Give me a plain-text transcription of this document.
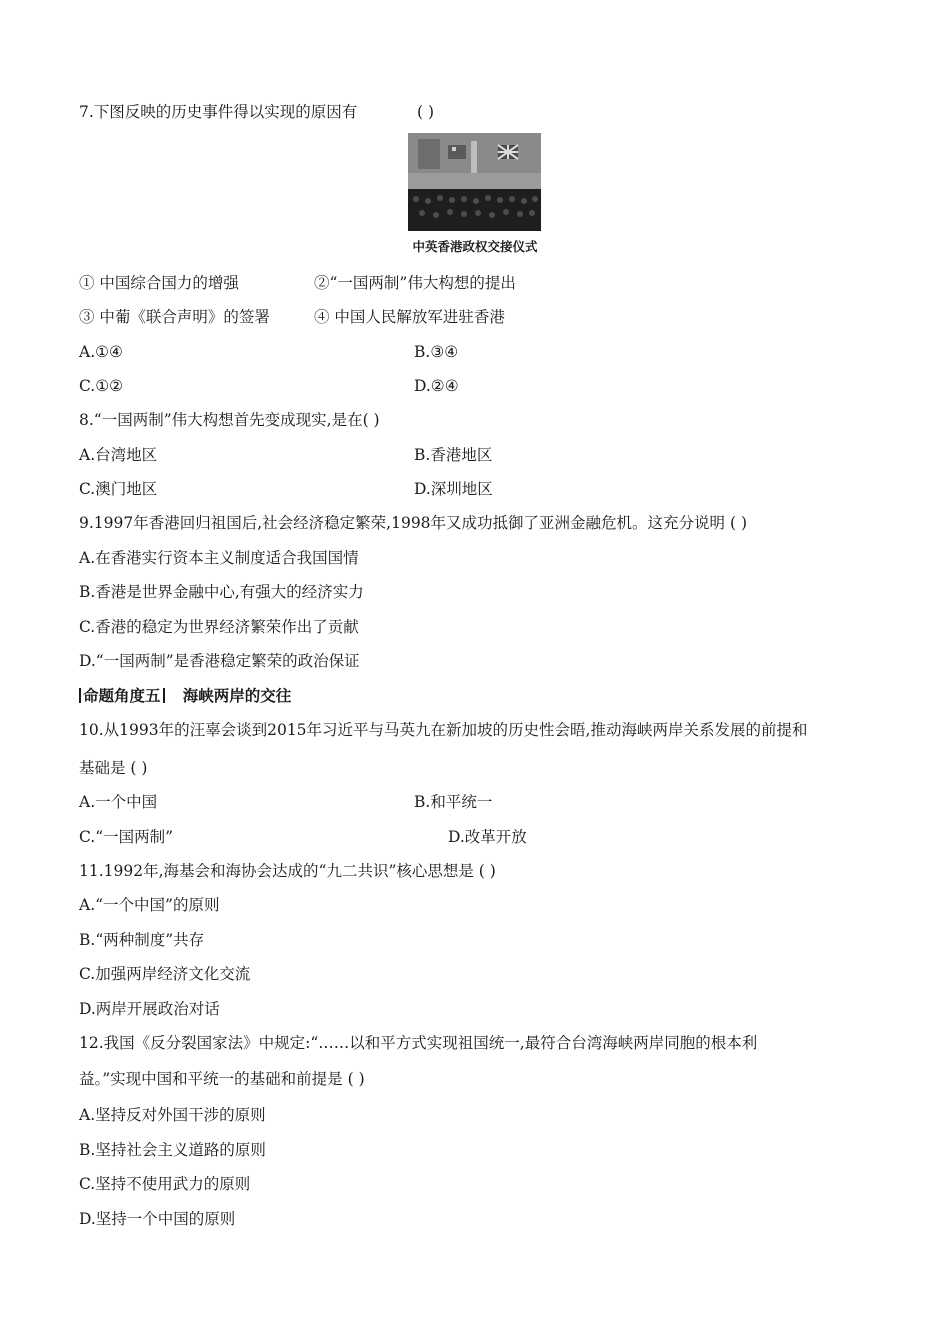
7.下图反映的历史事件得以实现的原因有	( )
中英香港政权交接仪式
① 中国综合国力的增强	②“一国两制”伟大构想的提出
③ 中葡《联合声明》的签署	④ 中国人民解放军进驻香港
A.①④	B.③④
C.①②	D.②④
8.“一国两制”伟大构想首先变成现实,是在( )
A.台湾地区	B.香港地区
C.澳门地区	D.深圳地区
9.1997年香港回归祖国后,社会经济稳定繁荣,1998年又成功抵御了亚洲金融危机。这充分说明 ( )
A.在香港实行资本主义制度适合我国国情
B.香港是世界金融中心,有强大的经济实力
C.香港的稳定为世界经济繁荣作出了贡献
D.“一国两制”是香港稳定繁荣的政治保证
命题角度五 海峡两岸的交往
10.从1993年的汪辜会谈到2015年习近平与马英九在新加坡的历史性会晤,推动海峡两岸关系发展的前提和
基础是 ( )
A.一个中国	B.和平统一
C.“一国两制”	D.改革开放
11.1992年,海基会和海协会达成的“九二共识”核心思想是 ( )
A.“一个中国”的原则
B.“两种制度”共存
C.加强两岸经济文化交流
D.两岸开展政治对话
12.我国《反分裂国家法》中规定:“……以和平方式实现祖国统一,最符合台湾海峡两岸同胞的根本利
益。”实现中国和平统一的基础和前提是 ( )
A.坚持反对外国干涉的原则
B.坚持社会主义道路的原则
C.坚持不使用武力的原则
D.坚持一个中国的原则
